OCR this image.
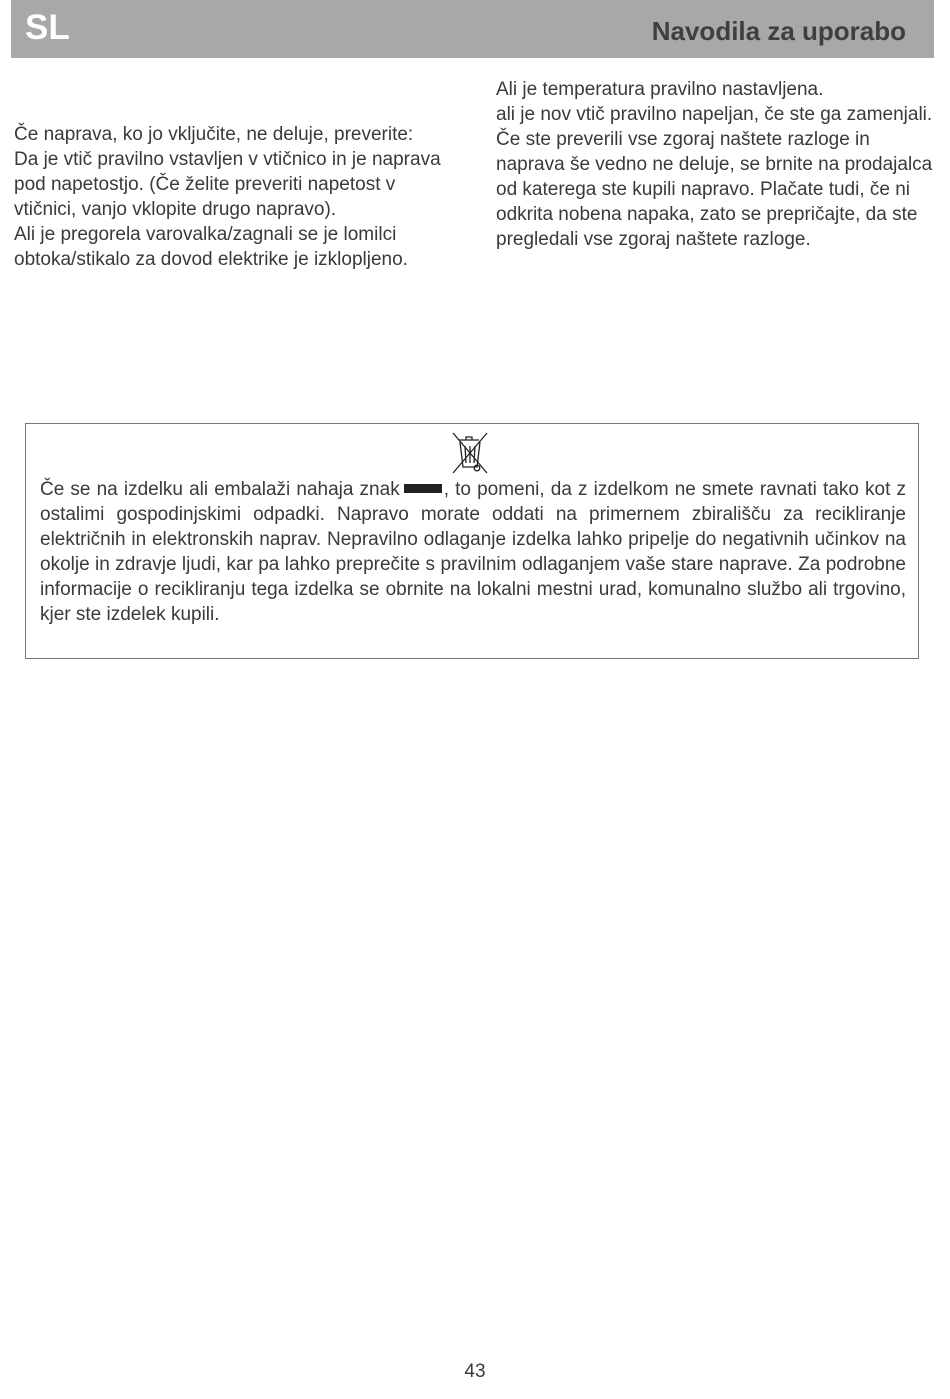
SL	Navodila za uporabo

Če naprava, ko jo vključite, ne deluje, preverite:

Da je vtič pravilno vstavljen v vtičnico in je naprava pod napetostjo. (Če želite preveriti napetost v vtičnici, vanjo vklopite drugo napravo).

Ali je pregorela varovalka/zagnali se je lomilci obtoka/stikalo za dovod elektrike je izklopljeno.

Ali je temperatura pravilno nastavljena.

ali je nov vtič pravilno napeljan, če ste ga zamenjali.

Če ste preverili vse zgoraj naštete razloge in naprava še vedno ne deluje, se brnite na prodajalca od katerega ste kupili napravo. Plačate tudi, če ni odkrita nobena napaka, zato se prepričajte, da ste pregledali vse zgoraj naštete razloge.

Če se na izdelku ali embalaži nahaja znak , to pomeni, da z izdelkom ne smete ravnati tako kot z ostalimi gospodinjskimi odpadki. Napravo morate oddati na primernem zbirališču za recikliranje električnih in elektronskih naprav. Nepravilno odlaganje izdelka lahko pripelje do negativnih učinkov na okolje in zdravje ljudi, kar pa lahko preprečite s pravilnim odlaganjem vaše stare naprave. Za podrobne informacije o recikliranju tega izdelka se obrnite na lokalni mestni urad, komunalno službo ali trgovino, kjer ste izdelek kupili.

43
